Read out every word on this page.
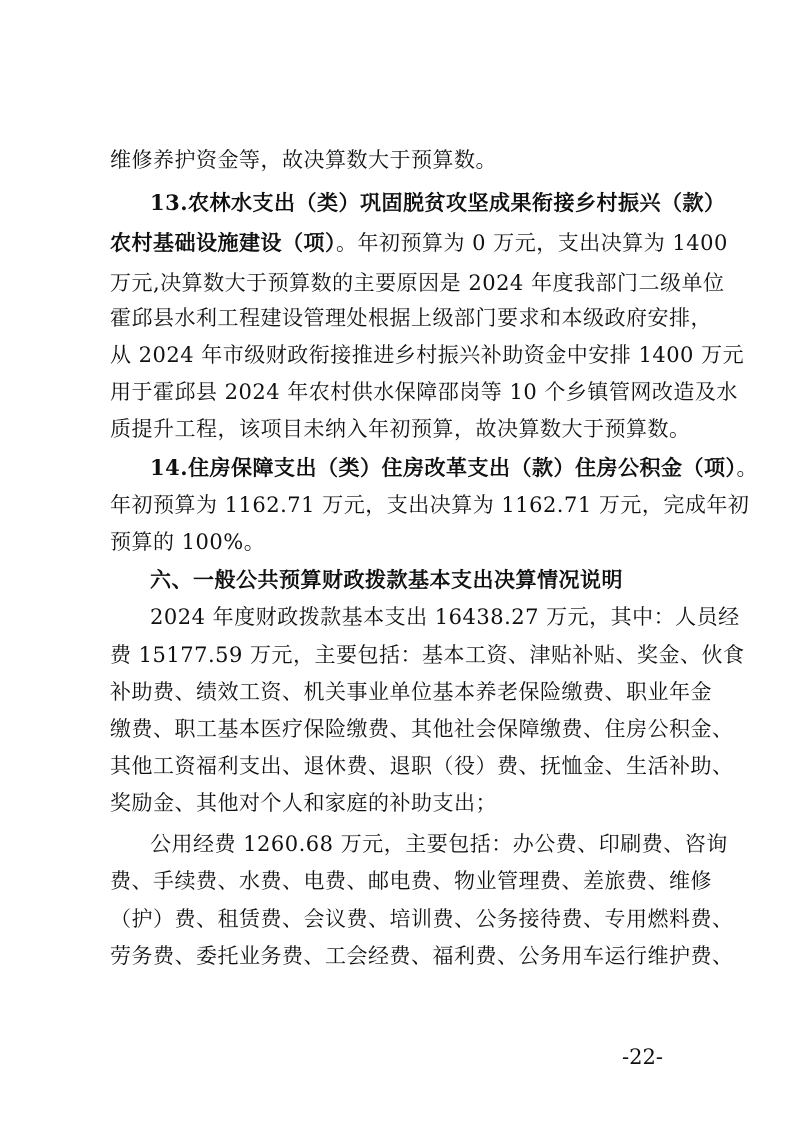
维修养护资金等，故决算数大于预算数。
13.农林水支出（类）巩固脱贫攻坚成果衔接乡村振兴（款）
农村基础设施建设（项）。年初预算为 0 万元，支出决算为 1400
万元,决算数大于预算数的主要原因是 2024 年度我部门二级单位
霍邱县水利工程建设管理处根据上级部门要求和本级政府安排，
从 2024 年市级财政衔接推进乡村振兴补助资金中安排 1400 万元
用于霍邱县 2024 年农村供水保障邵岗等 10 个乡镇管网改造及水
质提升工程，该项目未纳入年初预算，故决算数大于预算数。
14.住房保障支出（类）住房改革支出（款）住房公积金（项）。
年初预算为 1162.71 万元，支出决算为 1162.71 万元，完成年初
预算的 100%。
六、一般公共预算财政拨款基本支出决算情况说明
2024 年度财政拨款基本支出 16438.27 万元，其中：人员经
费 15177.59 万元，主要包括：基本工资、津贴补贴、奖金、伙食
补助费、绩效工资、机关事业单位基本养老保险缴费、职业年金
缴费、职工基本医疗保险缴费、其他社会保障缴费、住房公积金、
其他工资福利支出、退休费、退职（役）费、抚恤金、生活补助、
奖励金、其他对个人和家庭的补助支出；
公用经费 1260.68 万元，主要包括：办公费、印刷费、咨询
费、手续费、水费、电费、邮电费、物业管理费、差旅费、维修
（护）费、租赁费、会议费、培训费、公务接待费、专用燃料费、
劳务费、委托业务费、工会经费、福利费、公务用车运行维护费、
-22-
